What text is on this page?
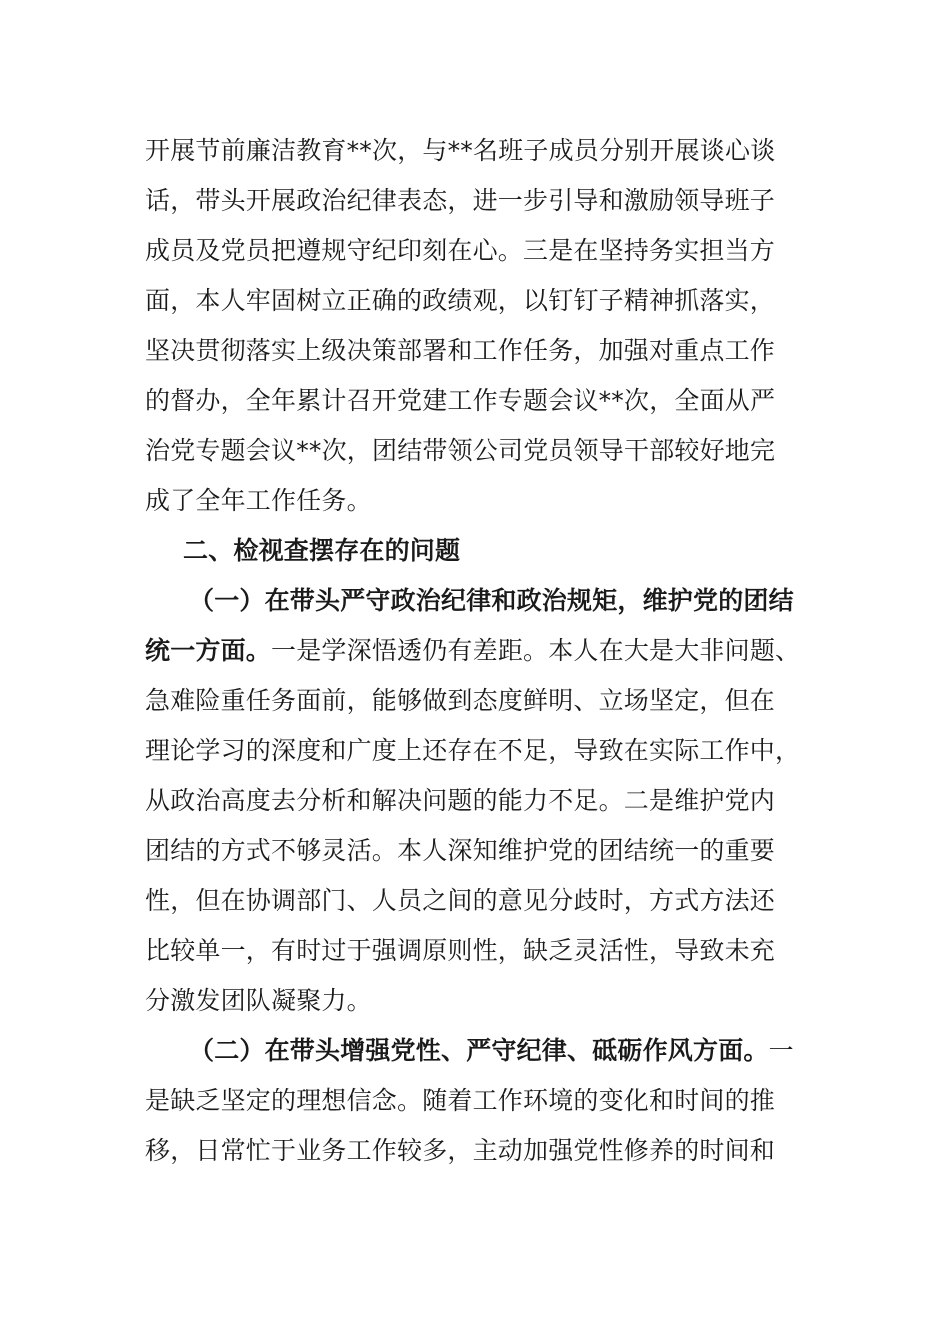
开展节前廉洁教育**次，与**名班子成员分别开展谈心谈
话，带头开展政治纪律表态，进一步引导和激励领导班子
成员及党员把遵规守纪印刻在心。三是在坚持务实担当方
面，本人牢固树立正确的政绩观，以钉钉子精神抓落实，
坚决贯彻落实上级决策部署和工作任务，加强对重点工作
的督办，全年累计召开党建工作专题会议**次，全面从严
治党专题会议**次，团结带领公司党员领导干部较好地完
成了全年工作任务。
二、检视查摆存在的问题
（一）在带头严守政治纪律和政治规矩，维护党的团结
统一方面。一是学深悟透仍有差距。本人在大是大非问题、
急难险重任务面前，能够做到态度鲜明、立场坚定，但在
理论学习的深度和广度上还存在不足，导致在实际工作中，
从政治高度去分析和解决问题的能力不足。二是维护党内
团结的方式不够灵活。本人深知维护党的团结统一的重要
性，但在协调部门、人员之间的意见分歧时，方式方法还
比较单一，有时过于强调原则性，缺乏灵活性，导致未充
分激发团队凝聚力。
（二）在带头增强党性、严守纪律、砥砺作风方面。一
是缺乏坚定的理想信念。随着工作环境的变化和时间的推
移，日常忙于业务工作较多，主动加强党性修养的时间和
